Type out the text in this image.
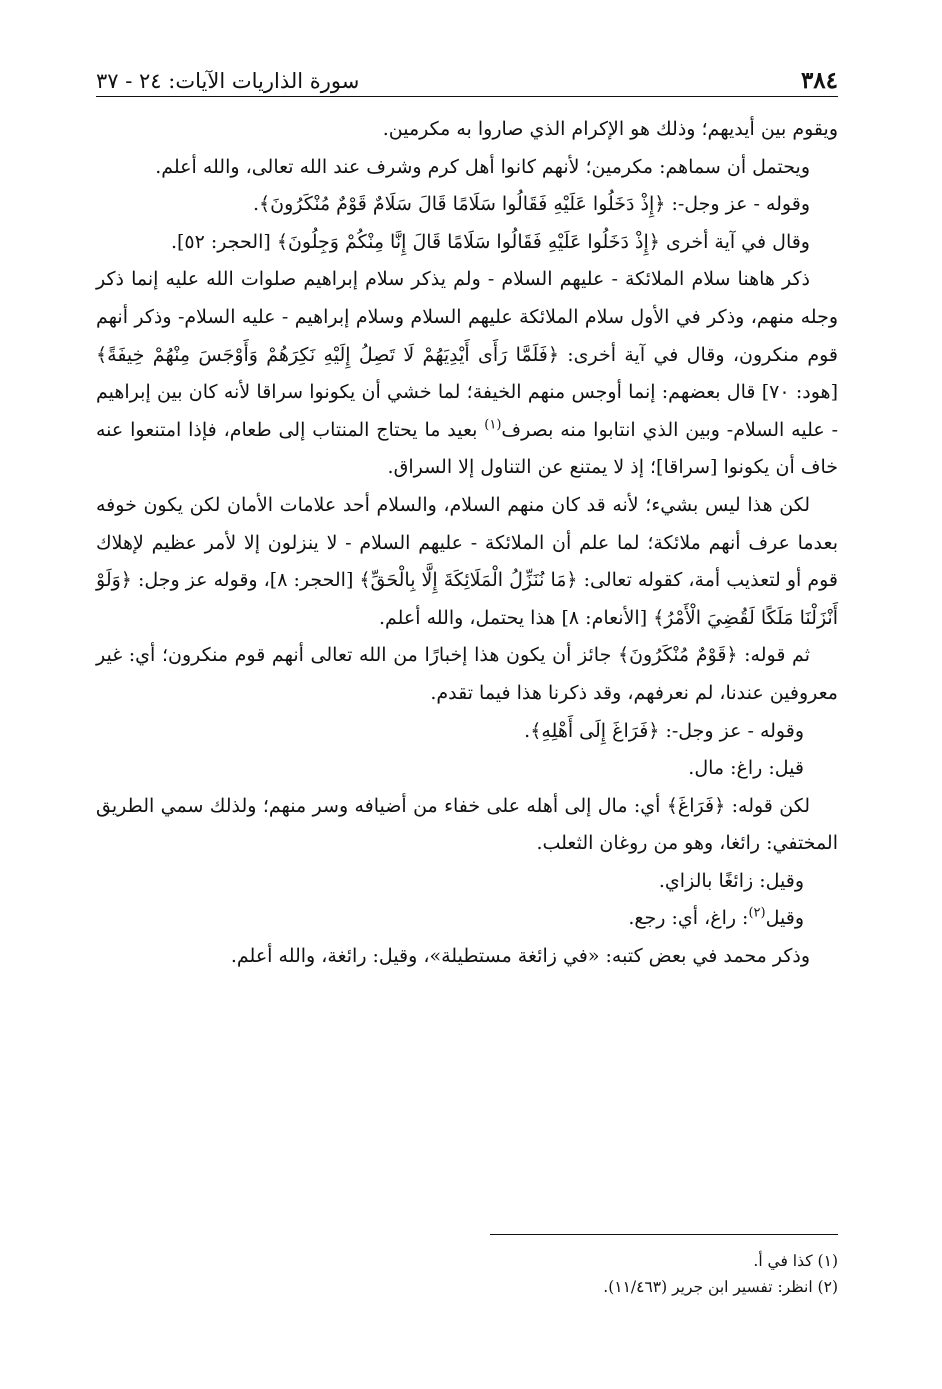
٣٨٤
سورة الذاريات الآيات: ٢٤ - ٣٧

ويقوم بين أيديهم؛ وذلك هو الإكرام الذي صاروا به مكرمين.

ويحتمل أن سماهم: مكرمين؛ لأنهم كانوا أهل كرم وشرف عند الله تعالى، والله أعلم.

وقوله - عز وجل-: ﴿إِذْ دَخَلُوا عَلَيْهِ فَقَالُوا سَلَامًا قَالَ سَلَامٌ قَوْمٌ مُنْكَرُونَ﴾.

وقال في آية أخرى ﴿إِذْ دَخَلُوا عَلَيْهِ فَقَالُوا سَلَامًا قَالَ إِنَّا مِنْكُمْ وَجِلُونَ﴾ [الحجر: ٥٢].

ذكر هاهنا سلام الملائكة - عليهم السلام - ولم يذكر سلام إبراهيم صلوات الله عليه إنما ذكر وجله منهم، وذكر في الأول سلام الملائكة عليهم السلام وسلام إبراهيم - عليه السلام- وذكر أنهم قوم منكرون، وقال في آية أخرى: ﴿فَلَمَّا رَأَى أَيْدِيَهُمْ لَا تَصِلُ إِلَيْهِ نَكِرَهُمْ وَأَوْجَسَ مِنْهُمْ خِيفَةً﴾ [هود: ٧٠] قال بعضهم: إنما أوجس منهم الخيفة؛ لما خشي أن يكونوا سراقا لأنه كان بين إبراهيم - عليه السلام- وبين الذي انتابوا منه بصرف$^{(١)}$ بعيد ما يحتاج المنتاب إلى طعام، فإذا امتنعوا عنه خاف أن يكونوا [سراقا]؛ إذ لا يمتنع عن التناول إلا السراق.

لكن هذا ليس بشيء؛ لأنه قد كان منهم السلام، والسلام أحد علامات الأمان لكن يكون خوفه بعدما عرف أنهم ملائكة؛ لما علم أن الملائكة - عليهم السلام - لا ينزلون إلا لأمر عظيم لإهلاك قوم أو لتعذيب أمة، كقوله تعالى: ﴿مَا نُنَزِّلُ الْمَلَائِكَةَ إِلَّا بِالْحَقِّ﴾ [الحجر: ٨]، وقوله عز وجل: ﴿وَلَوْ أَنْزَلْنَا مَلَكًا لَقُضِيَ الْأَمْرُ﴾ [الأنعام: ٨] هذا يحتمل، والله أعلم.

ثم قوله: ﴿قَوْمٌ مُنْكَرُونَ﴾ جائز أن يكون هذا إخبارًا من الله تعالى أنهم قوم منكرون؛ أي: غير معروفين عندنا، لم نعرفهم، وقد ذكرنا هذا فيما تقدم.

وقوله - عز وجل-: ﴿فَرَاغَ إِلَى أَهْلِهِ﴾.

قيل: راغ: مال.

لكن قوله: ﴿فَرَاغَ﴾ أي: مال إلى أهله على خفاء من أضيافه وسر منهم؛ ولذلك سمي الطريق المختفي: رائغا، وهو من روغان الثعلب.

وقيل: زائغًا بالزاي.

وقيل$^{(٢)}$: راغ، أي: رجع.

وذكر محمد في بعض كتبه: «في زائغة مستطيلة»، وقيل: رائغة، والله أعلم.

(١) كذا في أ.

(٢) انظر: تفسير ابن جرير (١١/٤٦٣).
